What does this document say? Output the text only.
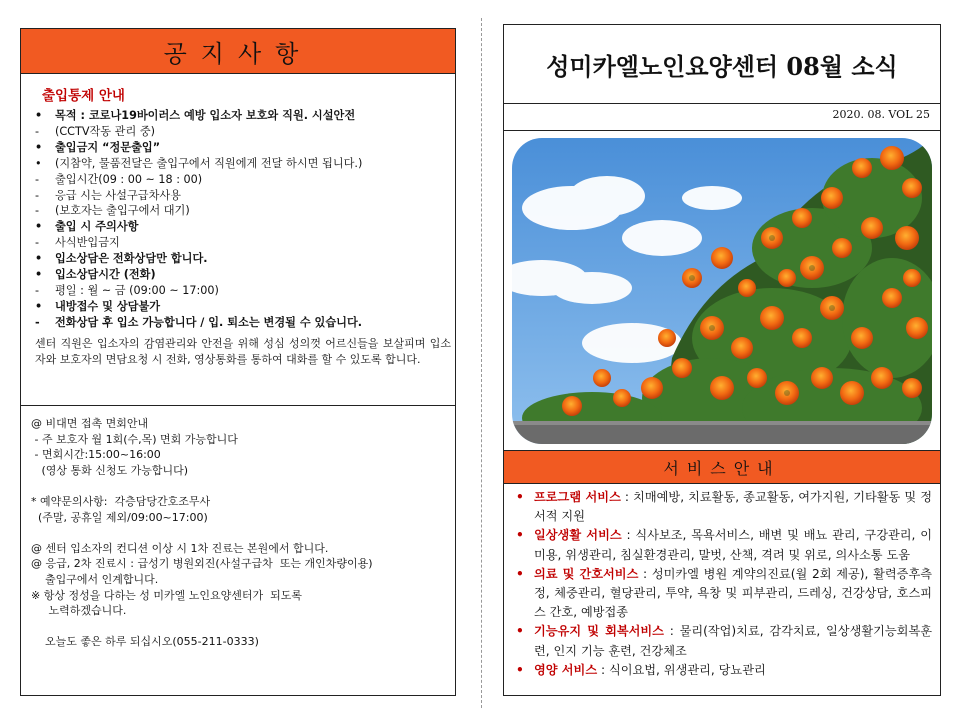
공지사항
출입통제 안내
• 목적 : 코로나19바이러스 예방 입소자 보호와 직원. 시설안전
- (CCTV작동 관리 중)
• 출입금지 “정문출입”
• (지참약, 물품전달은 출입구에서 직원에게 전달 하시면 됩니다.)
- 출입시간(09 : 00 ~ 18 : 00)
- 응급 시는 사설구급차사용
- (보호자는 출입구에서 대기)
• 출입 시 주의사항
- 사식반입금지
• 입소상담은 전화상담만 합니다.
• 입소상담시간 (전화)
- 평일 : 월 ~ 금 (09:00 ~ 17:00)
• 내방접수 및 상담불가
- 전화상담 후 입소 가능합니다 / 입. 퇴소는 변경될 수 있습니다.
센터 직원은 입소자의 감염관리와 안전을 위해 성심 성의껏 어르신들을 보살피며 입소자와 보호자의 면담요청 시 전화, 영상통화를 통하여 대화를 할 수 있도록 합니다.
@ 비대면 접촉 면회안내
- 주 보호자 월 1회(수,목) 면회 가능합니다
- 면회시간:15:00~16:00
(영상 통화 신청도 가능합니다)
* 예약문의사항:  각층담당간호조무사
(주말, 공휴일 제외/09:00~17:00)
@ 센터 입소자의 컨디션 이상 시 1차 진료는 본원에서 합니다.
@ 응급, 2차 진료시 : 급성기 병원외진(사설구급차  또는 개인차량이용)
출입구에서 인계합니다.
※ 항상 정성을 다하는 성 미카엘 노인요양센터가  되도록
노력하겠습니다.
오늘도 좋은 하루 되십시오(055-211-0333)
성미카엘노인요양센터 08월 소식
2020. 08. VOL 25
서비스안내
• 프로그램 서비스 : 치매예방, 치료활동, 종교활동, 여가지원, 기타활동 및 정서적 지원
• 일상생활 서비스 : 식사보조, 목욕서비스, 배변 및 배뇨 관리, 구강관리, 이미용, 위생관리, 침실환경관리, 말벗, 산책, 격려 및 위로, 의사소통 도움
• 의료 및 간호서비스 : 성미카엘 병원 계약의진료(월 2회 제공), 활력증후측정, 체중관리, 혈당관리, 투약, 욕창 및 피부관리, 드레싱, 건강상담, 호스피스 간호, 예방접종
• 기능유지 및 회복서비스 : 물리(작업)치료, 감각치료, 일상생활기능회복훈련, 인지 기능 훈련, 건강체조
• 영양 서비스 : 식이요법, 위생관리, 당뇨관리
